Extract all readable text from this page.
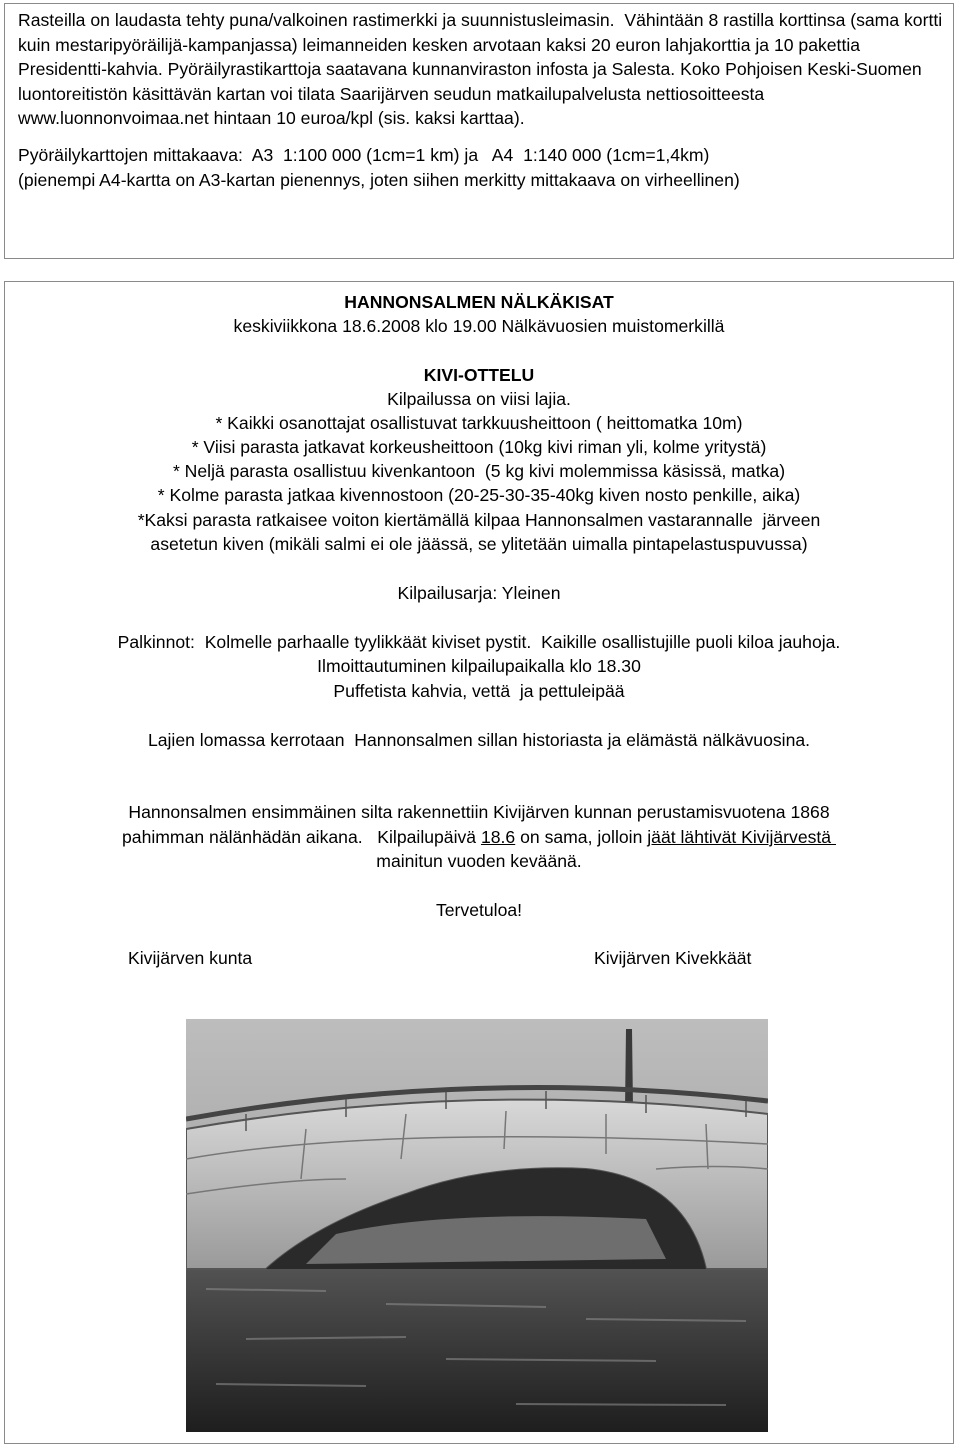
Rasteilla on laudasta tehty puna/valkoinen rastimerkki ja suunnistusleimasin. Vähintään 8 rastilla korttinsa (sama kortti kuin mestaripyöräilijä-kampanjassa) leimanneiden kesken arvotaan kaksi 20 euron lahjakorttia ja 10 pakettia Presidentti-kahvia. Pyöräilyrastikarttoja saatavana kunnanviraston infosta ja Salesta. Koko Pohjoisen Keski-Suomen luontoreitistön käsittävän kartan voi tilata Saarijärven seudun matkailupalvelusta nettiosoitteesta www.luonnonvoimaa.net hintaan 10 euroa/kpl (sis. kaksi karttaa).

Pyöräilykarttojen mittakaava:  A3  1:100 000 (1cm=1 km) ja   A4  1:140 000 (1cm=1,4km)
(pienempi A4-kartta on A3-kartan pienennys, joten siihen merkitty mittakaava on virheellinen)

HANNONSALMEN NÄLKÄKISAT
keskiviikkona 18.6.2008 klo 19.00 Nälkävuosien muistomerkillä
KIVI-OTTELU
Kilpailussa on viisi lajia.
* Kaikki osanottajat osallistuvat tarkkuusheittoon ( heittomatka 10m)
* Viisi parasta jatkavat korkeusheittoon (10kg kivi riman yli, kolme yritystä)
* Neljä parasta osallistuu kivenkantoon  (5 kg kivi molemmissa käsissä, matka)
* Kolme parasta jatkaa kivennostoon (20-25-30-35-40kg kiven nosto penkille, aika)
*Kaksi parasta ratkaisee voiton kiertämällä kilpaa Hannonsalmen vastarannalle  järveen
asetetun kiven (mikäli salmi ei ole jäässä, se ylitetään uimalla pintapelastuspuvussa)
Kilpailusarja: Yleinen
Palkinnot:  Kolmelle parhaalle tyylikkäät kiviset pystit.  Kaikille osallistujille puoli kiloa jauhoja.
Ilmoittautuminen kilpailupaikalla klo 18.30
Puffetista kahvia, vettä  ja pettuleipää
Lajien lomassa kerrotaan  Hannonsalmen sillan historiasta ja elämästä nälkävuosina.
Hannonsalmen ensimmäinen silta rakennettiin Kivijärven kunnan perustamisvuotena 1868
pahimman nälänhädän aikana.   Kilpailupäivä 18.6 on sama, jolloin jäät lähtivät Kivijärvestä
mainitun vuoden keväänä.
Tervetuloa!
Kivijärven kunta	Kivijärven Kivekkäät
